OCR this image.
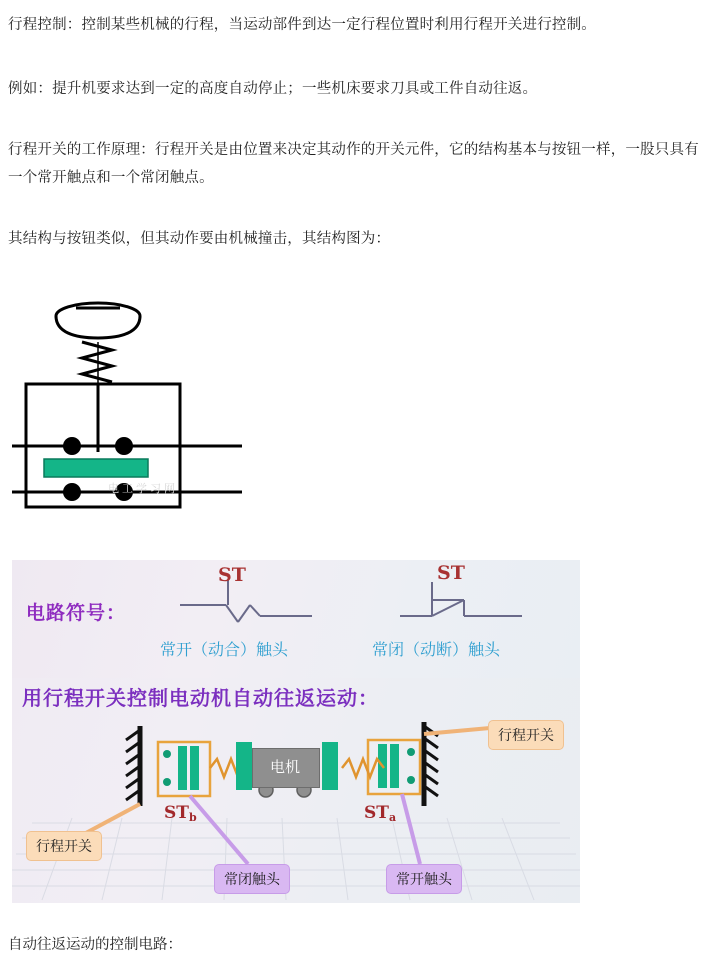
行程控制：控制某些机械的行程，当运动部件到达一定行程位置时利用行程开关进行控制。

例如：提升机要求达到一定的高度自动停止；一些机床要求刀具或工件自动往返。

行程开关的工作原理：行程开关是由位置来决定其动作的开关元件，它的结构基本与按钮一样，一股只具有一个常开触点和一个常闭触点。

其结构与按钮类似，但其动作要由机械撞击，其结构图为：

电工学习网
电路符号：
ST	ST
常开（动合）触头	常闭（动断）触头
用行程开关控制电动机自动往返运动：
电机
STb	STa
行程开关
行程开关
常闭触头	常开触头

自动往返运动的控制电路：
